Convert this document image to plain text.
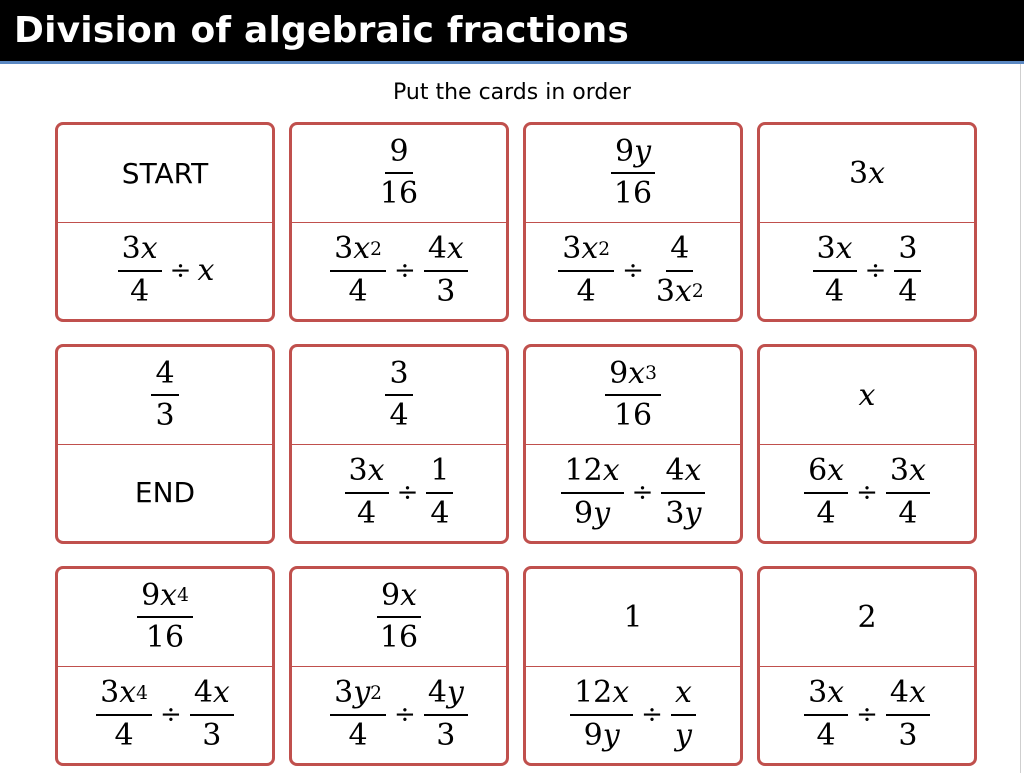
Division of algebraic fractions
Put the cards in order
START
$\frac{3 x}{4} \div x$
$\frac{9}{1 6}$
$\frac{3 x 2}{4} \div \frac{4 x}{3}$
$\frac{9 y}{1 6}$
$\frac{3 x 2}{4} \div \frac{4}{3 x 2}$
3 x
$\frac{3 x}{4} \div \frac{3}{4}$
$\frac{4}{3}$
END
$\frac{3}{4}$
$\frac{3 x}{4} \div \frac{1}{4}$
$\frac{9 x 3}{1 6}$
$\frac{1 2 x}{9 y} \div \frac{4 x}{3 y}$
x
$\frac{6 x}{4} \div \frac{3 x}{4}$
$\frac{9 x 4}{1 6}$
$\frac{3 x 4}{4} \div \frac{4 x}{3}$
$\frac{9 x}{1 6}$
$\frac{3 y 2}{4} \div \frac{4 y}{3}$
1
$\frac{1 2 x}{9 y} \div \frac{x}{y}$
2
$\frac{3 x}{4} \div \frac{4 x}{3}$
